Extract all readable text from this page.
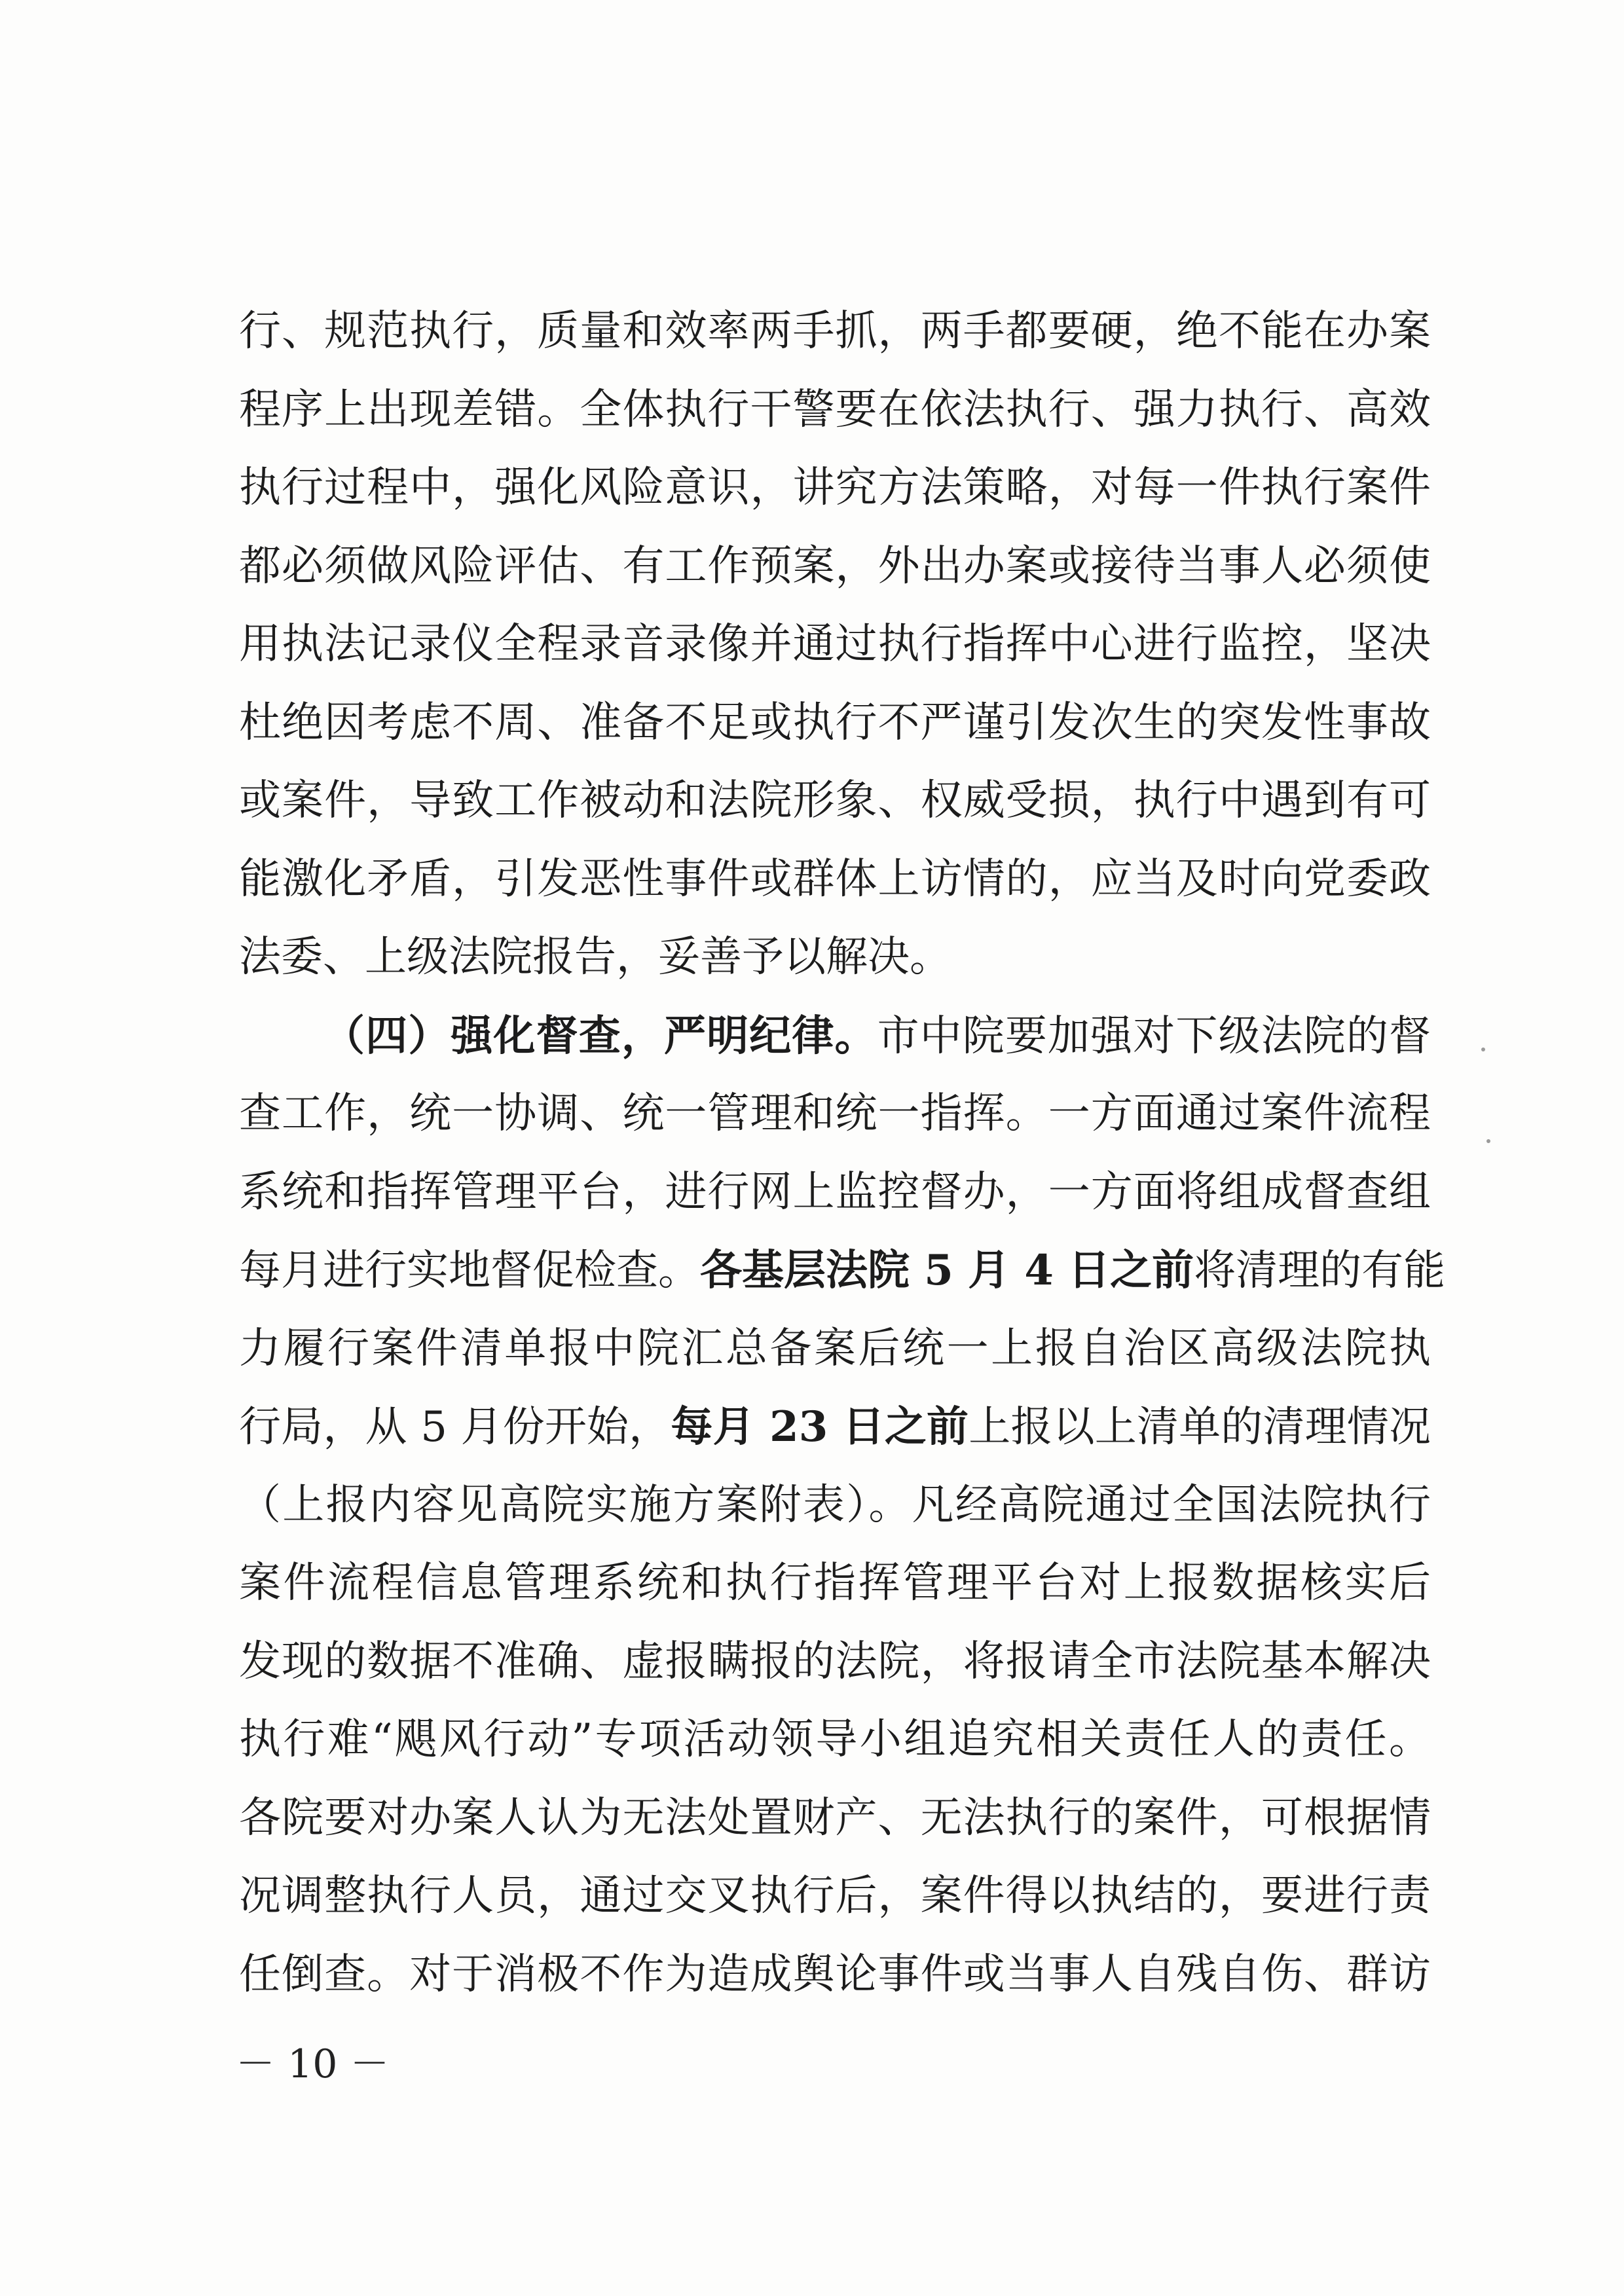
行、规范执行，质量和效率两手抓，两手都要硬，绝不能在办案
程序上出现差错。全体执行干警要在依法执行、强力执行、高效
执行过程中，强化风险意识，讲究方法策略，对每一件执行案件
都必须做风险评估、有工作预案，外出办案或接待当事人必须使
用执法记录仪全程录音录像并通过执行指挥中心进行监控，坚决
杜绝因考虑不周、准备不足或执行不严谨引发次生的突发性事故
或案件，导致工作被动和法院形象、权威受损，执行中遇到有可
能激化矛盾，引发恶性事件或群体上访情的，应当及时向党委政
法委、上级法院报告，妥善予以解决。
（四）强化督查，严明纪律。市中院要加强对下级法院的督
查工作，统一协调、统一管理和统一指挥。一方面通过案件流程
系统和指挥管理平台，进行网上监控督办，一方面将组成督查组
每月进行实地督促检查。各基层法院 5 月 4 日之前将清理的有能
力履行案件清单报中院汇总备案后统一上报自治区高级法院执
行局，从 5 月份开始，每月 23 日之前上报以上清单的清理情况
（上报内容见高院实施方案附表）。凡经高院通过全国法院执行
案件流程信息管理系统和执行指挥管理平台对上报数据核实后
发现的数据不准确、虚报瞒报的法院，将报请全市法院基本解决
执行难“飓风行动”专项活动领导小组追究相关责任人的责任。
各院要对办案人认为无法处置财产、无法执行的案件，可根据情
况调整执行人员，通过交叉执行后，案件得以执结的，要进行责
任倒查。对于消极不作为造成舆论事件或当事人自残自伤、群访
－ 10 －
